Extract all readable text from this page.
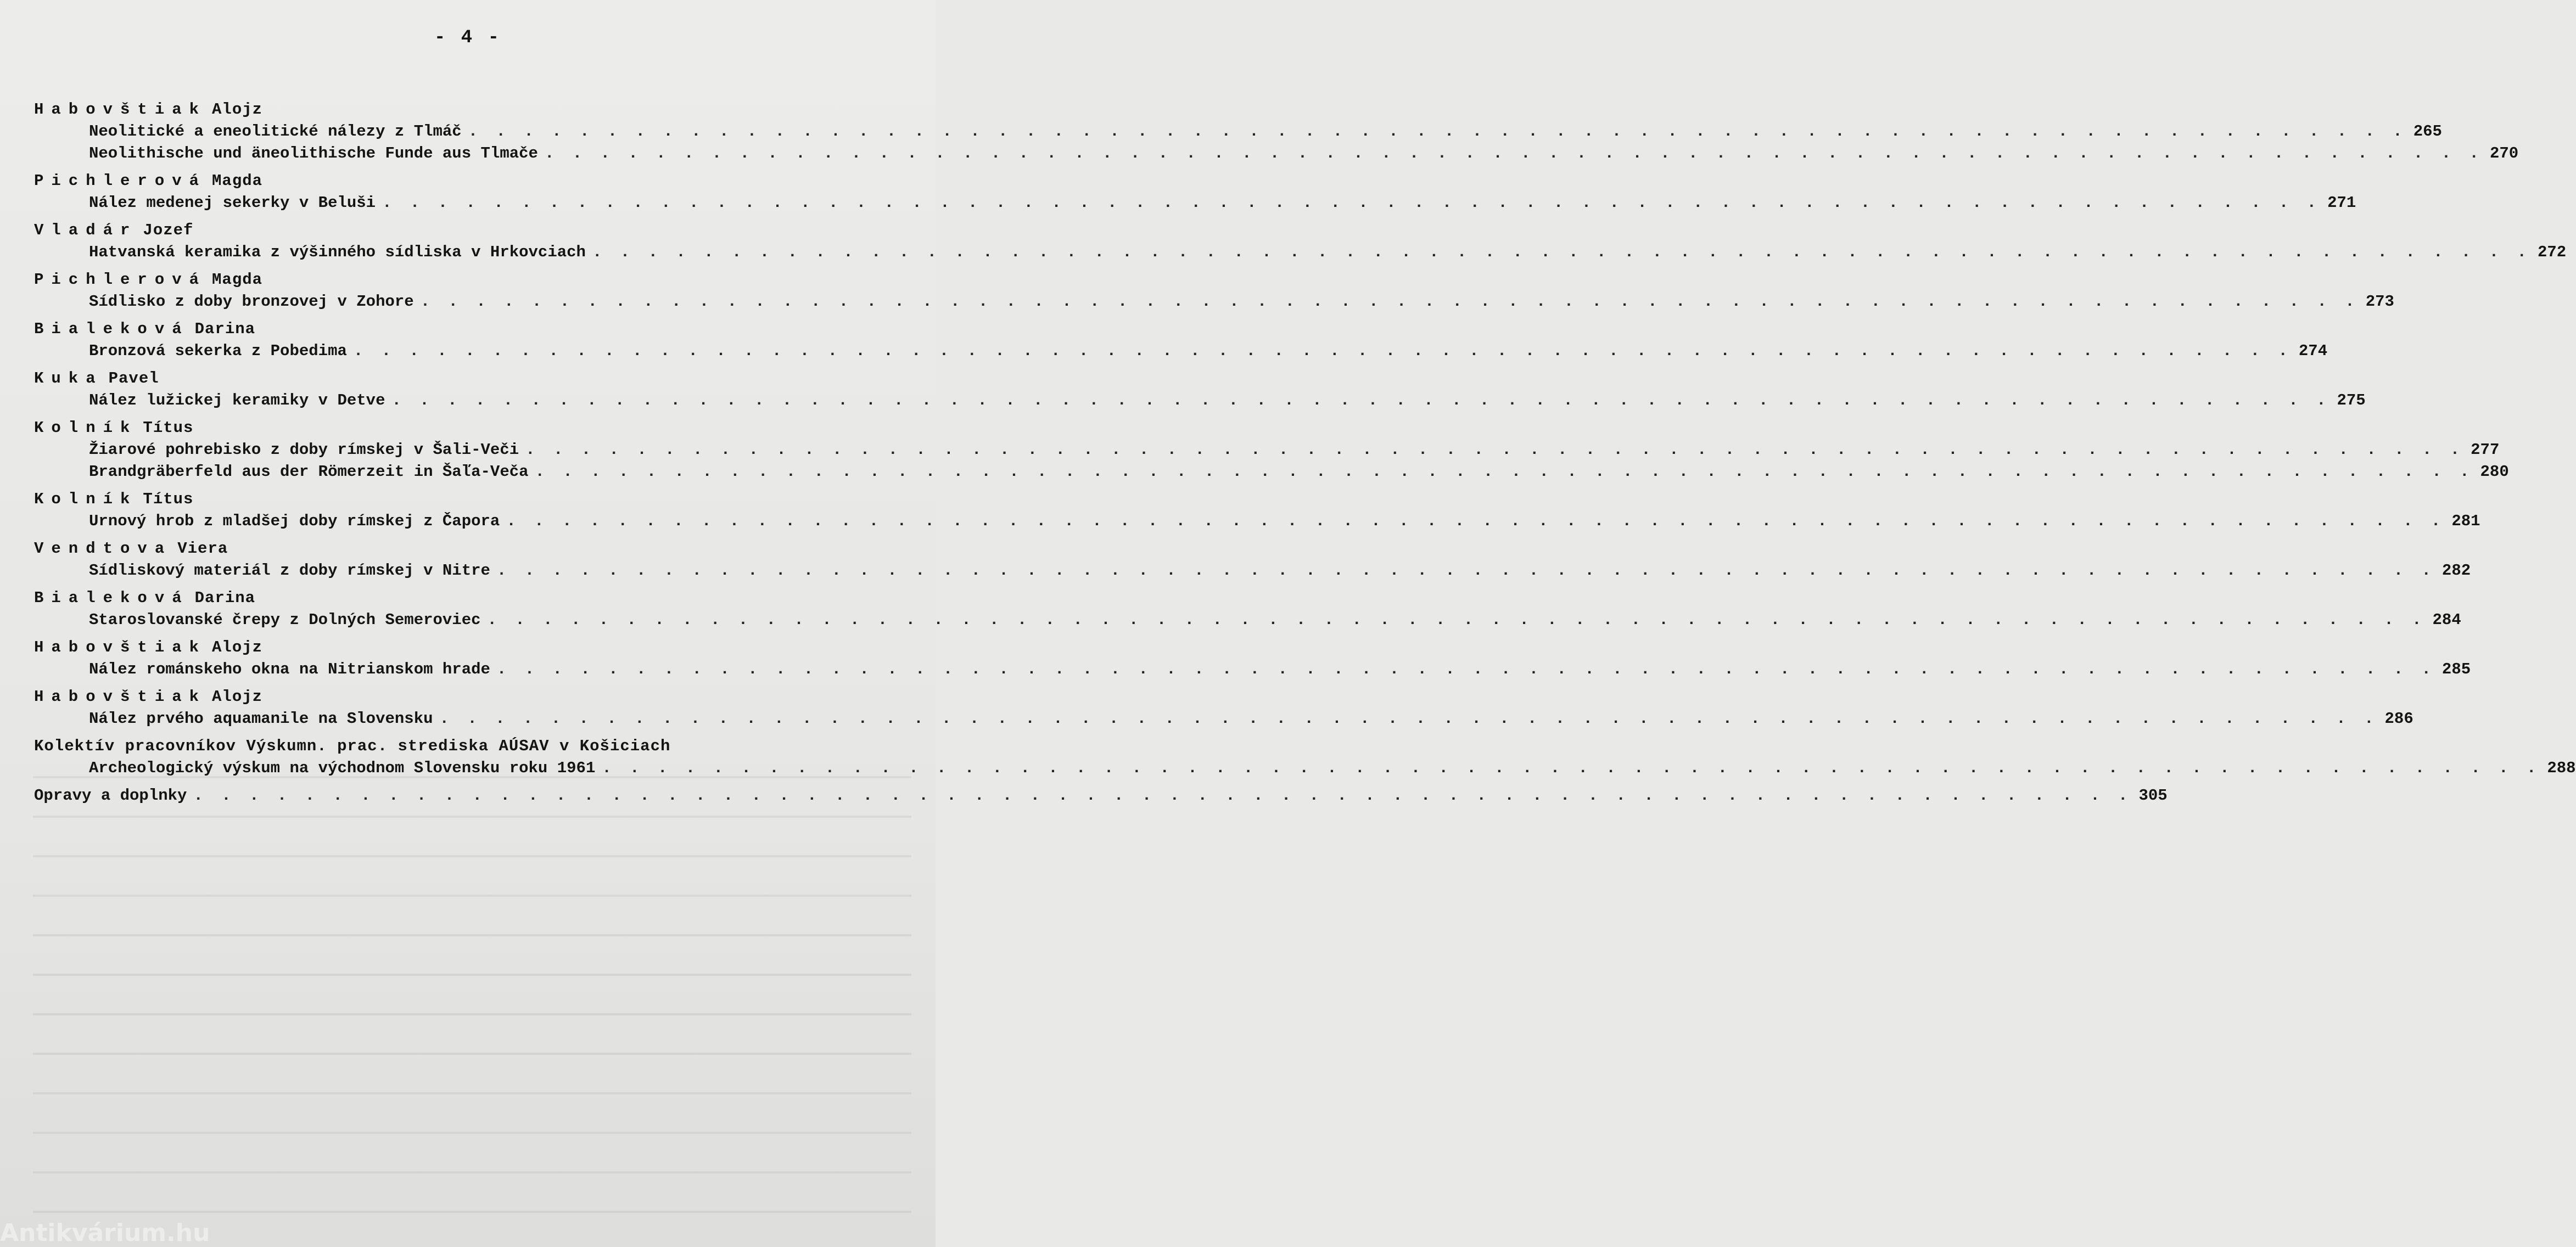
- 4 -
Habovštiak Alojz
Neolitické a eneolitické nálezy z Tlmáč . . . . . . . . . . . . . . . . . . . . . . . . . . . . . . . . . . . . . . . . . . . . . . . . . . . . . . . . . . . . . . . . . . . . . . 265
Neolithische und äneolithische Funde aus Tlmače . . . . . . . . . . . . . . . . . . . . . . . . . . . . . . . . . . . . . . . . . . . . . . . . . . . . . . . . . . . . . . . . . . . . . . 270
Pichlerová Magda
Nález medenej sekerky v Beluši . . . . . . . . . . . . . . . . . . . . . . . . . . . . . . . . . . . . . . . . . . . . . . . . . . . . . . . . . . . . . . . . . . . . . . 271
Vladár Jozef
Hatvanská keramika z výšinného sídliska v Hrkovciach . . . . . . . . . . . . . . . . . . . . . . . . . . . . . . . . . . . . . . . . . . . . . . . . . . . . . . . . . . . . . . . . . . . . . . 272
Pichlerová Magda
Sídlisko z doby bronzovej v Zohore . . . . . . . . . . . . . . . . . . . . . . . . . . . . . . . . . . . . . . . . . . . . . . . . . . . . . . . . . . . . . . . . . . . . . . 273
Bialeková Darina
Bronzová sekerka z Pobedima . . . . . . . . . . . . . . . . . . . . . . . . . . . . . . . . . . . . . . . . . . . . . . . . . . . . . . . . . . . . . . . . . . . . . . 274
Kuka Pavel
Nález lužickej keramiky v Detve . . . . . . . . . . . . . . . . . . . . . . . . . . . . . . . . . . . . . . . . . . . . . . . . . . . . . . . . . . . . . . . . . . . . . . 275
Kolník Títus
Žiarové pohrebisko z doby rímskej v Šali-Veči . . . . . . . . . . . . . . . . . . . . . . . . . . . . . . . . . . . . . . . . . . . . . . . . . . . . . . . . . . . . . . . . . . . . . . 277
Brandgräberfeld aus der Römerzeit in Šaľa-Veča . . . . . . . . . . . . . . . . . . . . . . . . . . . . . . . . . . . . . . . . . . . . . . . . . . . . . . . . . . . . . . . . . . . . . . 280
Kolník Títus
Urnový hrob z mladšej doby rímskej z Čapora . . . . . . . . . . . . . . . . . . . . . . . . . . . . . . . . . . . . . . . . . . . . . . . . . . . . . . . . . . . . . . . . . . . . . . 281
Vendtova Viera
Sídliskový materiál z doby rímskej v Nitre . . . . . . . . . . . . . . . . . . . . . . . . . . . . . . . . . . . . . . . . . . . . . . . . . . . . . . . . . . . . . . . . . . . . . . 282
Bialeková Darina
Staroslovanské črepy z Dolných Semeroviec . . . . . . . . . . . . . . . . . . . . . . . . . . . . . . . . . . . . . . . . . . . . . . . . . . . . . . . . . . . . . . . . . . . . . . 284
Habovštiak Alojz
Nález románskeho okna na Nitrianskom hrade . . . . . . . . . . . . . . . . . . . . . . . . . . . . . . . . . . . . . . . . . . . . . . . . . . . . . . . . . . . . . . . . . . . . . . 285
Habovštiak Alojz
Nález prvého aquamanile na Slovensku . . . . . . . . . . . . . . . . . . . . . . . . . . . . . . . . . . . . . . . . . . . . . . . . . . . . . . . . . . . . . . . . . . . . . . 286
Kolektív pracovníkov Výskumn. prac. strediska AÚSAV v Košiciach
Archeologický výskum na východnom Slovensku roku 1961 . . . . . . . . . . . . . . . . . . . . . . . . . . . . . . . . . . . . . . . . . . . . . . . . . . . . . . . . . . . . . . . . . . . . . . 288
Opravy a doplnky . . . . . . . . . . . . . . . . . . . . . . . . . . . . . . . . . . . . . . . . . . . . . . . . . . . . . . . . . . . . . . . . . . . . . . 305
Antikvárium.hu
